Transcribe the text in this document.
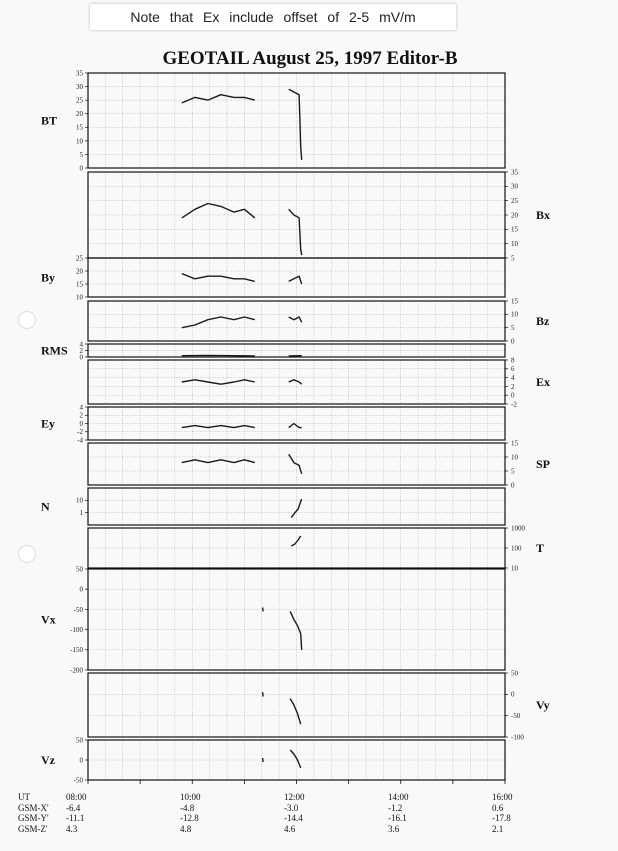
Note that Ex include offset of 2-5 mV/m
GEOTAIL August 25, 1997 Editor-B
35
30
25
20
15
10
5
0
BT
35
30
25
20
15
10
5
Bx
25
20
15
10
By
15
10
5
0
Bz
4
2
0
RMS
8
6
4
2
0
-2
Ex
4
2
0
-2
-4
Ey
15
10
5
0
SP
10
1
N
1000
100
10
T
50
0
-50
-100
-150
-200
Vx
50
0
-50
-100
Vy
50
0
-50
Vz
UT	08:00	10:00	12:00	14:00	16:00
GSM-X' -6.4	-4.8	-3.0	-1.2	0.6
GSM-Y' -11.1	-12.8	-14.4	-16.1	-17.8
GSM-Z' 4.3	4.8	4.6	3.6	2.1
